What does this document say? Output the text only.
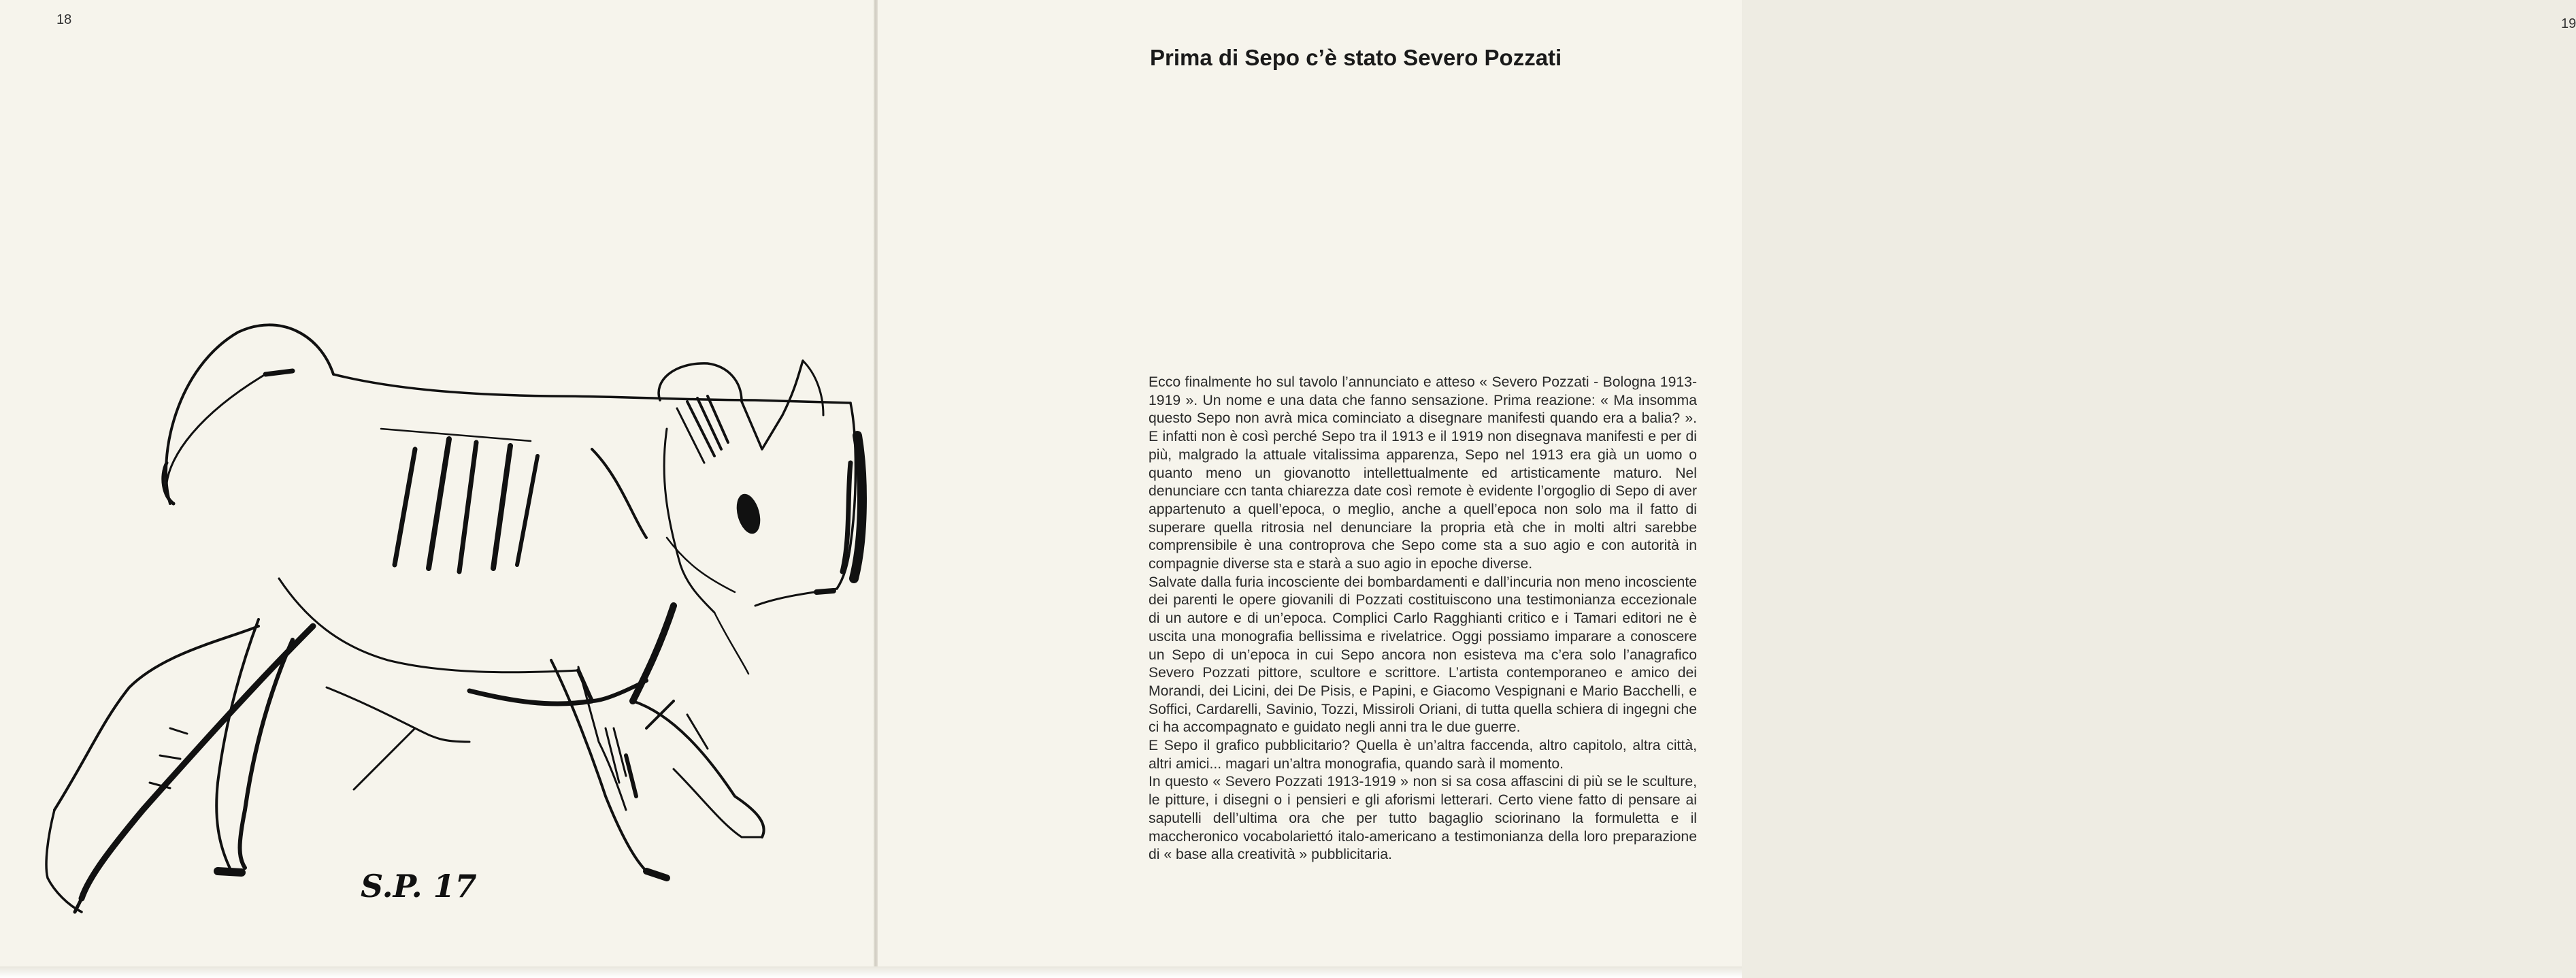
18
S.P. 17
19
Prima di Sepo c’è stato Severo Pozzati

Ecco finalmente ho sul tavolo l’annunciato e atteso « Severo Pozzati - Bologna 1913-1919 ». Un nome e una data che fanno sensazione. Prima reazione: « Ma insomma questo Sepo non avrà mica cominciato a disegnare manifesti quando era a balia? ». E infatti non è così perché Sepo tra il 1913 e il 1919 non disegnava manifesti e per di più, malgrado la attuale vitalissima apparenza, Sepo nel 1913 era già un uomo o quanto meno un giovanotto intellettualmente ed artisticamente maturo. Nel denunciare ccn tanta chiarezza date così remote è evidente l’orgoglio di Sepo di aver appartenuto a quell’epoca, o meglio, anche a quell’epoca non solo ma il fatto di superare quella ritrosia nel denunciare la propria età che in molti altri sarebbe comprensibile è una controprova che Sepo come sta a suo agio e con autorità in compagnie diverse sta e starà a suo agio in epoche diverse.

Salvate dalla furia incosciente dei bombardamenti e dall’incuria non meno incosciente dei parenti le opere giovanili di Pozzati costituiscono una testimonianza eccezionale di un autore e di un’epoca. Complici Carlo Ragghianti critico e i Tamari editori ne è uscita una monografia bellissima e rivelatrice. Oggi possiamo imparare a conoscere un Sepo di un’epoca in cui Sepo ancora non esisteva ma c’era solo l’anagrafico Severo Pozzati pittore, scultore e scrittore. L’artista contemporaneo e amico dei Morandi, dei Licini, dei De Pisis, e Papini, e Giacomo Vespignani e Mario Bacchelli, e Soffici, Cardarelli, Savinio, Tozzi, Missiroli Oriani, di tutta quella schiera di ingegni che ci ha accompagnato e guidato negli anni tra le due guerre.

E Sepo il grafico pubblicitario? Quella è un’altra faccenda, altro capitolo, altra città, altri amici... magari un’altra monografia, quando sarà il momento.

In questo « Severo Pozzati 1913-1919 » non si sa cosa affascini di più se le sculture, le pitture, i disegni o i pensieri e gli aforismi letterari. Certo viene fatto di pensare ai saputelli dell’ultima ora che per tutto bagaglio sciorinano la formuletta e il maccheronico vocabolariettó italo-americano a testimonianza della loro preparazione di « base alla creatività » pubblicitaria.
